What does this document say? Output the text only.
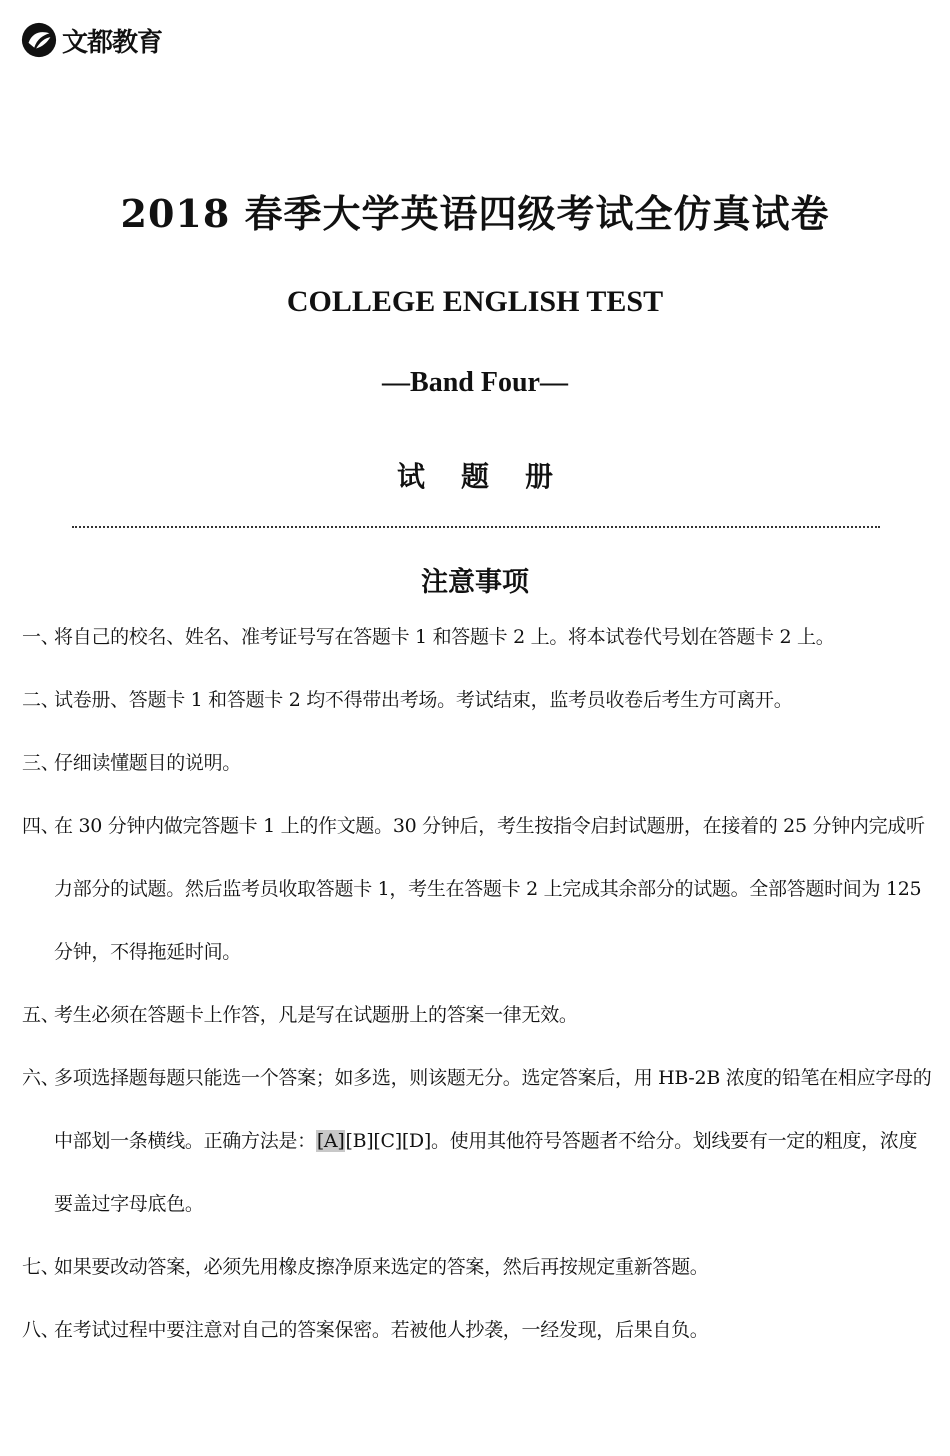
文都教育
2018 春季大学英语四级考试全仿真试卷
COLLEGE ENGLISH TEST
—Band Four—
试 题 册
注意事项

一、将自己的校名、姓名、准考证号写在答题卡 1 和答题卡 2 上。将本试卷代号划在答题卡 2 上。

二、试卷册、答题卡 1 和答题卡 2 均不得带出考场。考试结束，监考员收卷后考生方可离开。

三、仔细读懂题目的说明。

四、在 30 分钟内做完答题卡 1 上的作文题。30 分钟后，考生按指令启封试题册，在接着的 25 分钟内完成听力部分的试题。然后监考员收取答题卡 1，考生在答题卡 2 上完成其余部分的试题。全部答题时间为 125 分钟，不得拖延时间。

五、考生必须在答题卡上作答，凡是写在试题册上的答案一律无效。

六、多项选择题每题只能选一个答案；如多选，则该题无分。选定答案后，用 HB-2B 浓度的铅笔在相应字母的中部划一条横线。正确方法是：[A][B][C][D]。使用其他符号答题者不给分。划线要有一定的粗度，浓度要盖过字母底色。

七、如果要改动答案，必须先用橡皮擦净原来选定的答案，然后再按规定重新答题。

八、在考试过程中要注意对自己的答案保密。若被他人抄袭，一经发现，后果自负。
